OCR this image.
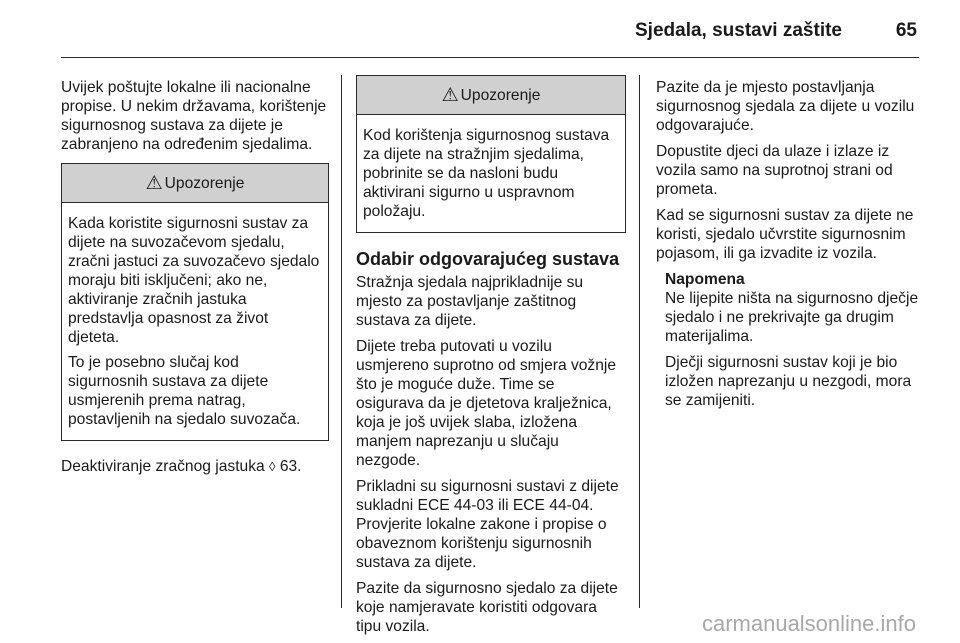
Sjedala, sustavi zaštite	65

Uvijek poštujte lokalne ili nacionalne propise. U nekim državama, korištenje sigurnosnog sustava za dijete je zabranjeno na određenim sjedalima.

⚠ Upozorenje

Kada koristite sigurnosni sustav za dijete na suvozačevom sjedalu, zračni jastuci za suvozačevo sjedalo moraju biti isključeni; ako ne, aktiviranje zračnih jastuka predstavlja opasnost za život djeteta.

To je posebno slučaj kod sigurnosnih sustava za dijete usmjerenih prema natrag, postavljenih na sjedalo suvozača.

Deaktiviranje zračnog jastuka ◊ 63.

⚠ Upozorenje

Kod korištenja sigurnosnog sustava za dijete na stražnjim sjedalima, pobrinite se da nasloni budu aktivirani sigurno u uspravnom položaju.

Odabir odgovarajućeg sustava

Stražnja sjedala najprikladnije su mjesto za postavljanje zaštitnog sustava za dijete.

Dijete treba putovati u vozilu usmjereno suprotno od smjera vožnje što je moguće duže. Time se osigurava da je djetetova kralježnica, koja je još uvijek slaba, izložena manjem naprezanju u slučaju nezgode.

Prikladni su sigurnosni sustavi z dijete sukladni ECE 44-03 ili ECE 44-04. Provjerite lokalne zakone i propise o obaveznom korištenju sigurnosnih sustava za dijete.

Pazite da sigurnosno sjedalo za dijete koje namjeravate koristiti odgovara tipu vozila.

Pazite da je mjesto postavljanja sigurnosnog sjedala za dijete u vozilu odgovarajuće.

Dopustite djeci da ulaze i izlaze iz vozila samo na suprotnoj strani od prometa.

Kad se sigurnosni sustav za dijete ne koristi, sjedalo učvrstite sigurnosnim pojasom, ili ga izvadite iz vozila.

Napomena

Ne lijepite ništa na sigurnosno dječje sjedalo i ne prekrivajte ga drugim materijalima.

Dječji sigurnosni sustav koji je bio izložen naprezanju u nezgodi, mora se zamijeniti.

carmanualsonline.info
